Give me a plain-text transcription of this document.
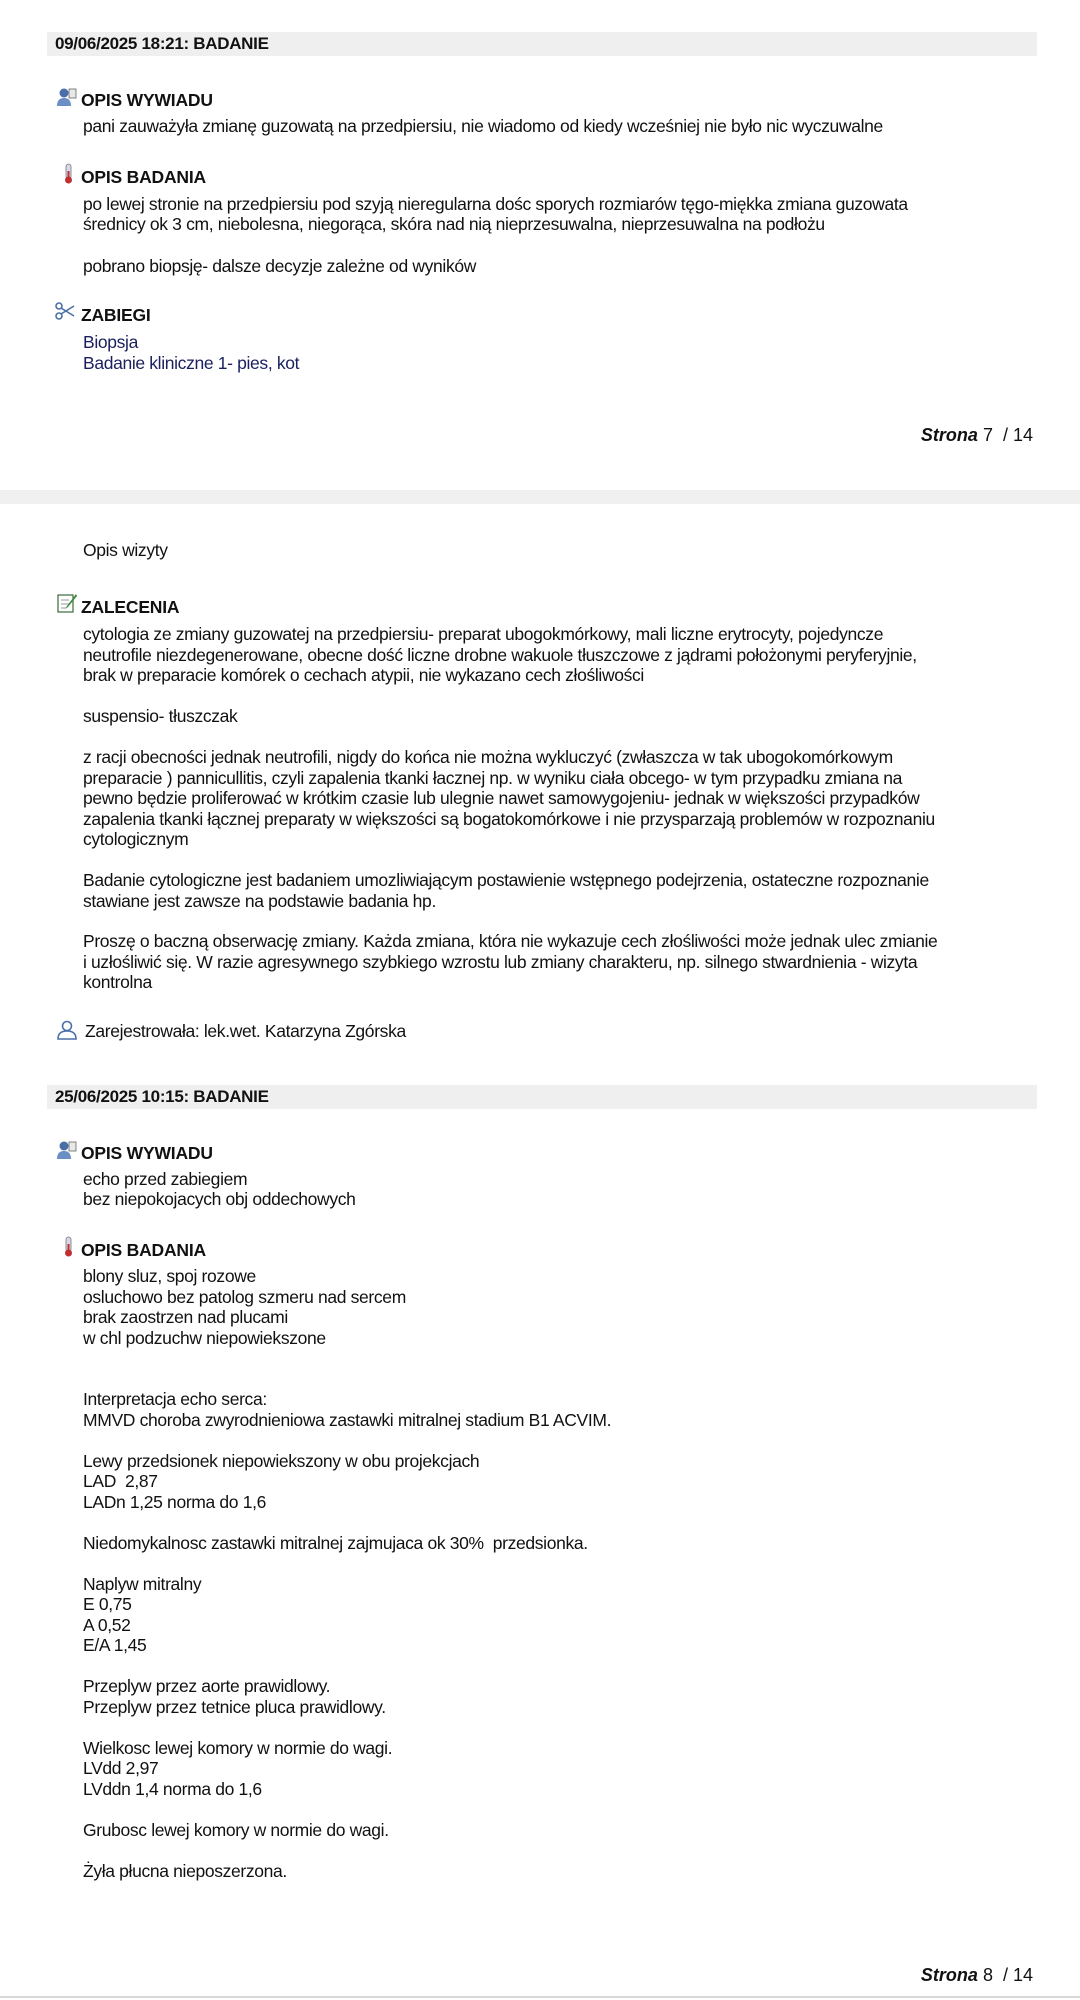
09/06/2025 18:21: BADANIE
OPIS WYWIADU
pani zauważyła zmianę guzowatą na przedpiersiu, nie wiadomo od kiedy wcześniej nie było nic wyczuwalne
OPIS BADANIA
po lewej stronie na przedpiersiu pod szyją nieregularna dośc sporych rozmiarów tęgo-miękka zmiana guzowata
średnicy ok 3 cm, niebolesna, niegorąca, skóra nad nią nieprzesuwalna, nieprzesuwalna na podłożu
pobrano biopsję- dalsze decyzje zależne od wyników
ZABIEGI
Biopsja
Badanie kliniczne 1- pies, kot
Strona 7 / 14
Opis wizyty
ZALECENIA
cytologia ze zmiany guzowatej na przedpiersiu- preparat ubogokmórkowy, mali liczne erytrocyty, pojedyncze
neutrofile niezdegenerowane, obecne dość liczne drobne wakuole tłuszczowe z jądrami położonymi peryferyjnie,
brak w preparacie komórek o cechach atypii, nie wykazano cech złośliwości
suspensio- tłuszczak
z racji obecności jednak neutrofili, nigdy do końca nie można wykluczyć (zwłaszcza w tak ubogokomórkowym
preparacie ) pannicullitis, czyli zapalenia tkanki łacznej np. w wyniku ciała obcego- w tym przypadku zmiana na
pewno będzie proliferować w krótkim czasie lub ulegnie nawet samowygojeniu- jednak w większości przypadków
zapalenia tkanki łącznej preparaty w większości są bogatokomórkowe i nie przysparzają problemów w rozpoznaniu
cytologicznym
Badanie cytologiczne jest badaniem umozliwiającym postawienie wstępnego podejrzenia, ostateczne rozpoznanie
stawiane jest zawsze na podstawie badania hp.
Proszę o baczną obserwację zmiany. Każda zmiana, która nie wykazuje cech złośliwości może jednak ulec zmianie
i uzłośliwić się. W razie agresywnego szybkiego wzrostu lub zmiany charakteru, np. silnego stwardnienia - wizyta
kontrolna
Zarejestrowała: lek.wet. Katarzyna Zgórska
25/06/2025 10:15: BADANIE
OPIS WYWIADU
echo przed zabiegiem
bez niepokojacych obj oddechowych
OPIS BADANIA
blony sluz, spoj rozowe
osluchowo bez patolog szmeru nad sercem
brak zaostrzen nad plucami
w chl podzuchw niepowiekszone
Interpretacja echo serca:
MMVD choroba zwyrodnieniowa zastawki mitralnej stadium B1 ACVIM.
Lewy przedsionek niepowiekszony w obu projekcjach
LAD  2,87
LADn 1,25 norma do 1,6
Niedomykalnosc zastawki mitralnej zajmujaca ok 30%  przedsionka.
Naplyw mitralny
E 0,75
A 0,52
E/A 1,45
Przeplyw przez aorte prawidlowy.
Przeplyw przez tetnice pluca prawidlowy.
Wielkosc lewej komory w normie do wagi.
LVdd 2,97
LVddn 1,4 norma do 1,6
Grubosc lewej komory w normie do wagi.
Żyła płucna nieposzerzona.
Strona 8 / 14
